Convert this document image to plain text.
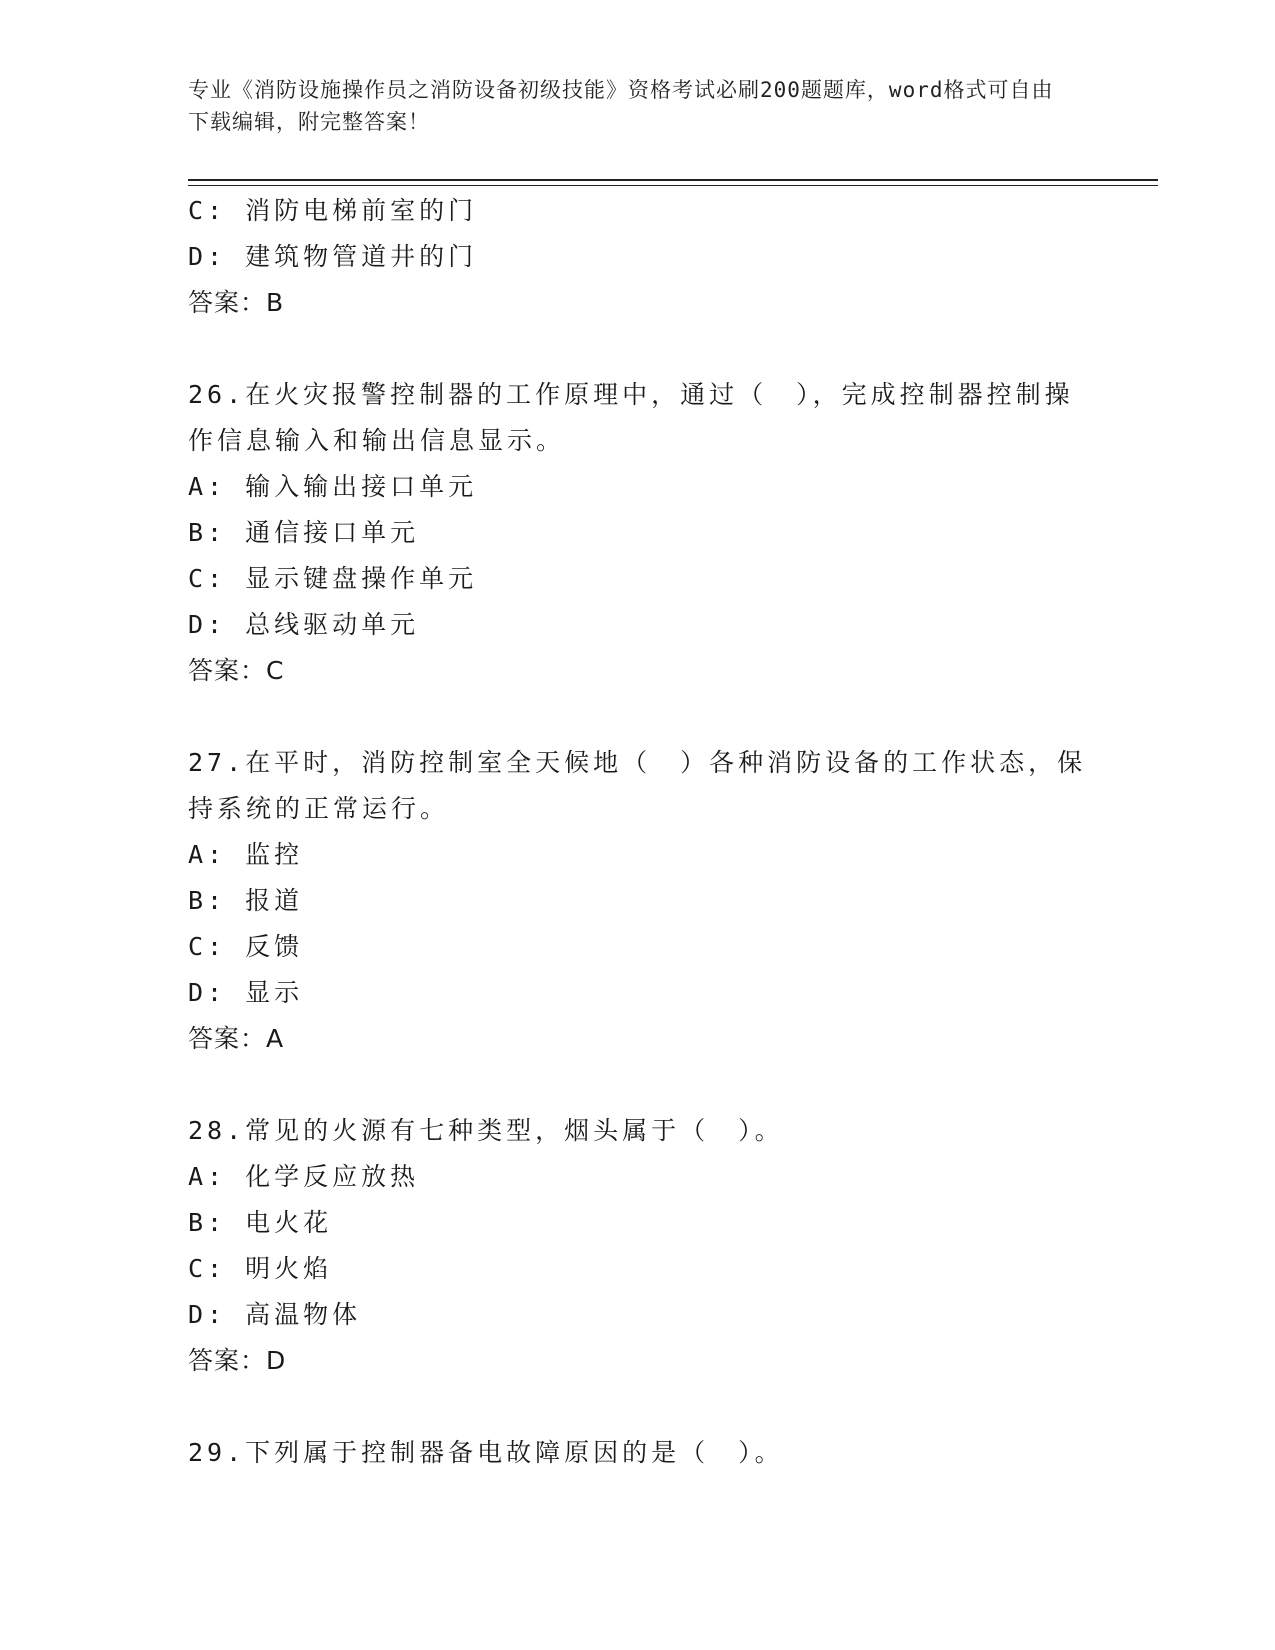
专业《消防设施操作员之消防设备初级技能》资格考试必刷200题题库，word格式可自由下载编辑，附完整答案！
C: 消防电梯前室的门
D: 建筑物管道井的门
答案：B
26.在火灾报警控制器的工作原理中，通过（　），完成控制器控制操作信息输入和输出信息显示。
A: 输入输出接口单元
B: 通信接口单元
C: 显示键盘操作单元
D: 总线驱动单元
答案：C
27.在平时，消防控制室全天候地（　）各种消防设备的工作状态，保持系统的正常运行。
A: 监控
B: 报道
C: 反馈
D: 显示
答案：A
28.常见的火源有七种类型，烟头属于（　）。
A: 化学反应放热
B: 电火花
C: 明火焰
D: 高温物体
答案：D
29.下列属于控制器备电故障原因的是（　）。
